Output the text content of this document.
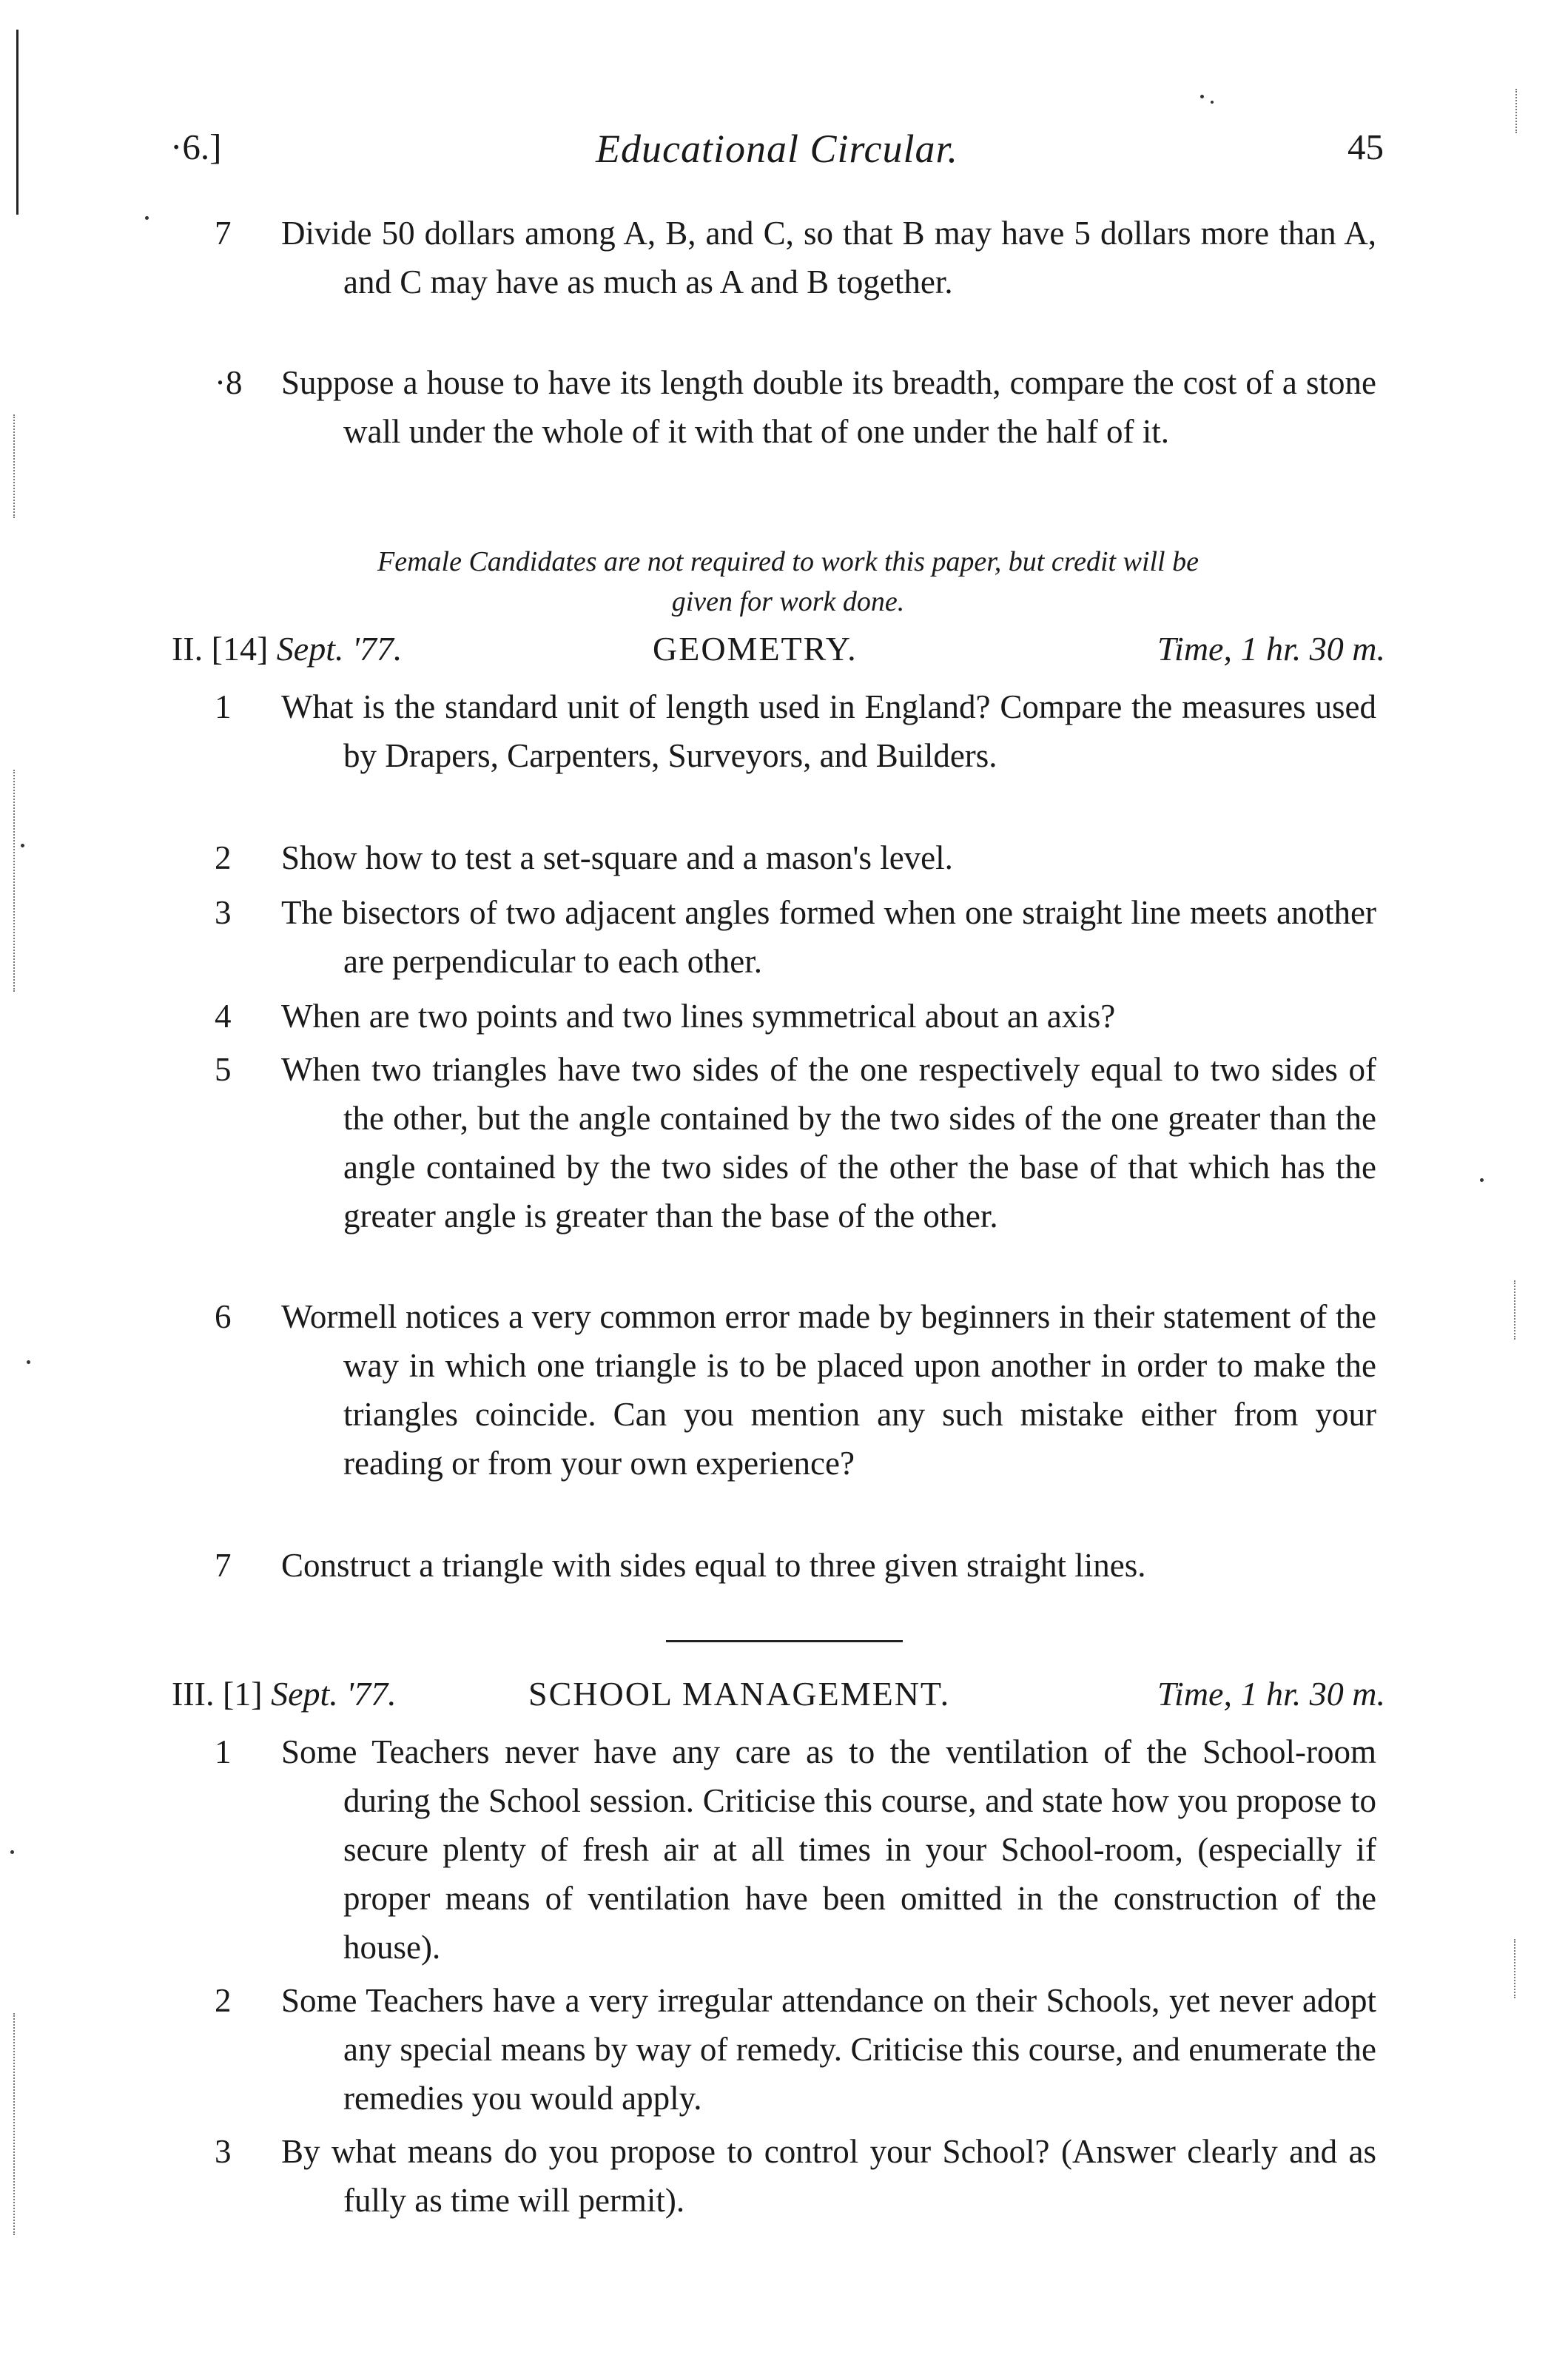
·6.]	Educational Circular.	45
7	Divide 50 dollars among A, B, and C, so that B may have 5 dollars more than A, and C may have as much as A and B together.
·8	Suppose a house to have its length double its breadth, compare the cost of a stone wall under the whole of it with that of one under the half of it.
Female Candidates are not required to work this paper, but credit will be
given for work done.
II. [14] Sept. '77.	GEOMETRY.	Time, 1 hr. 30 m.
1	What is the standard unit of length used in England? Compare the measures used by Drapers, Carpenters, Surveyors, and Builders.
2	Show how to test a set-square and a mason's level.
3	The bisectors of two adjacent angles formed when one straight line meets another are perpendicular to each other.
4	When are two points and two lines symmetrical about an axis?
5	When two triangles have two sides of the one respectively equal to two sides of the other, but the angle contained by the two sides of the one greater than the angle contained by the two sides of the other the base of that which has the greater angle is greater than the base of the other.
6	Wormell notices a very common error made by beginners in their statement of the way in which one triangle is to be placed upon another in order to make the triangles coincide. Can you mention any such mistake either from your reading or from your own experience?
7	Construct a triangle with sides equal to three given straight lines.
III. [1] Sept. '77.	SCHOOL MANAGEMENT.	Time, 1 hr. 30 m.
1	Some Teachers never have any care as to the ventilation of the School-room during the School session. Criticise this course, and state how you propose to secure plenty of fresh air at all times in your School-room, (especially if proper means of ventilation have been omitted in the construction of the house).
2	Some Teachers have a very irregular attendance on their Schools, yet never adopt any special means by way of remedy. Criticise this course, and enumerate the remedies you would apply.
3	By what means do you propose to control your School? (Answer clearly and as fully as time will permit).
